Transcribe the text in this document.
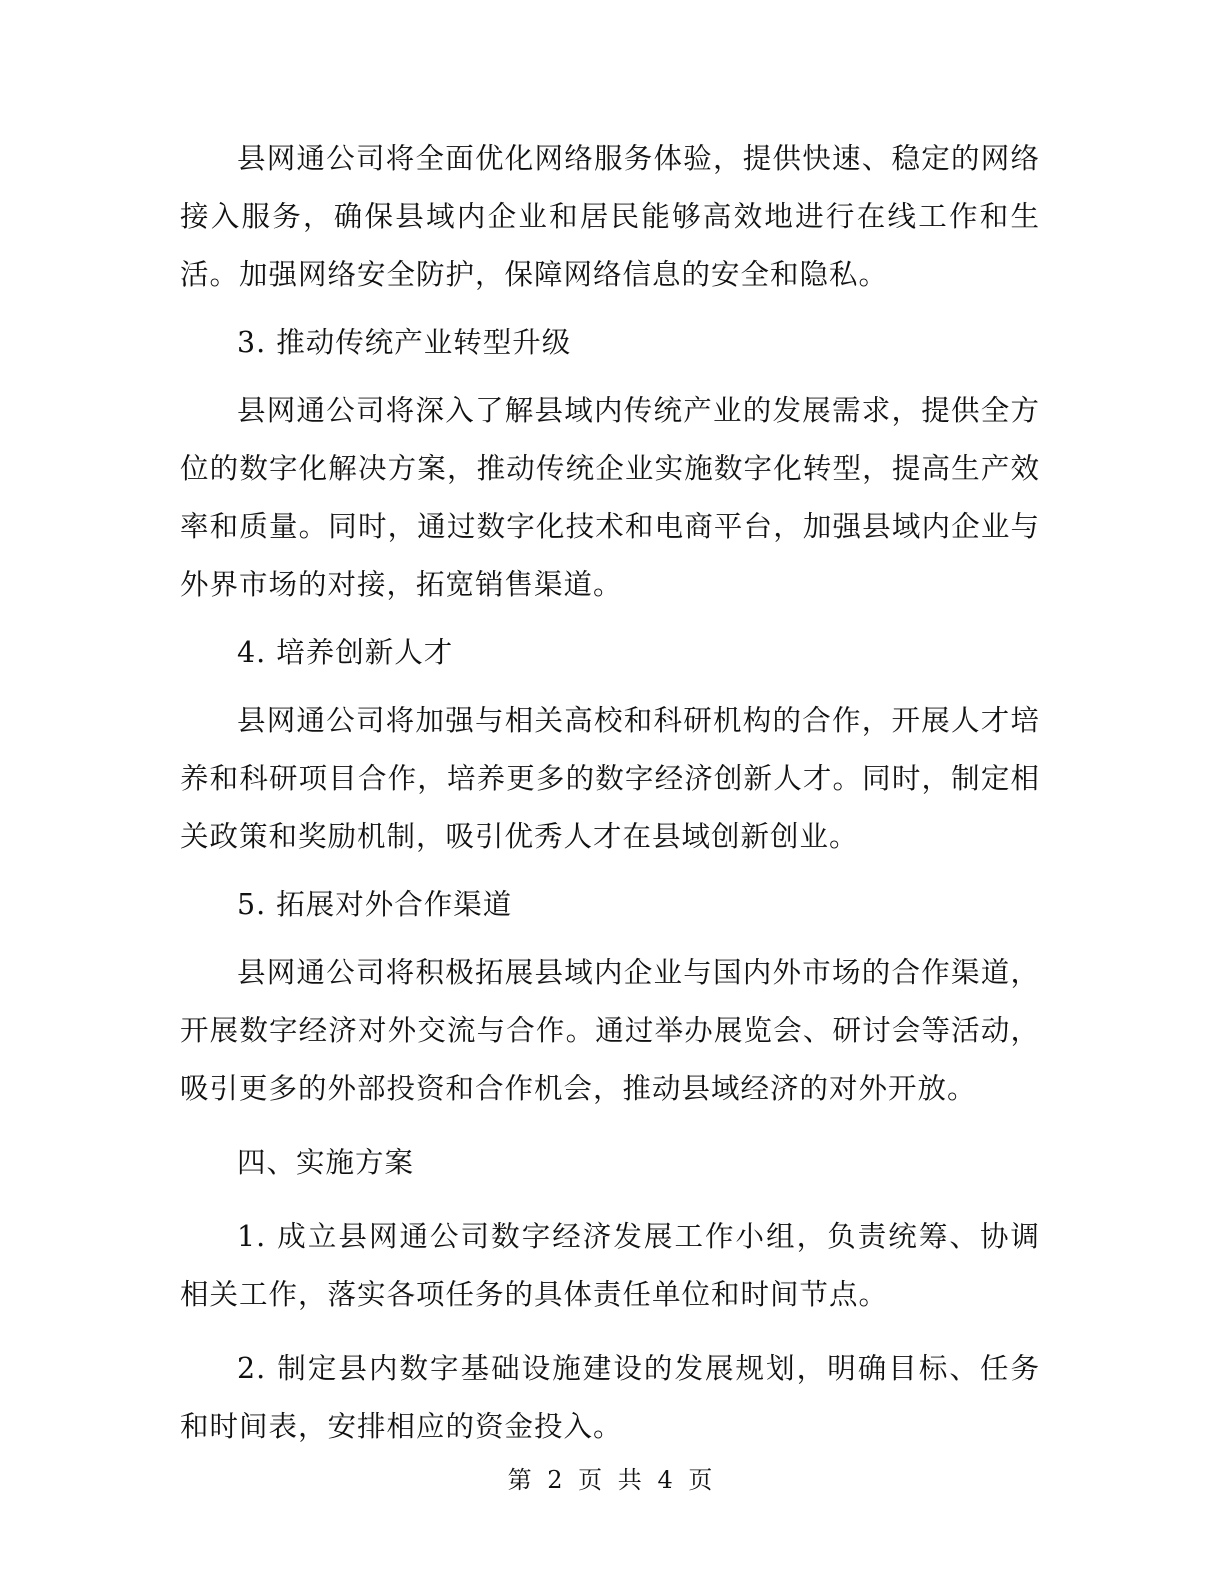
县网通公司将全面优化网络服务体验，提供快速、稳定的网络接入服务，确保县域内企业和居民能够高效地进行在线工作和生活。加强网络安全防护，保障网络信息的安全和隐私。

3. 推动传统产业转型升级

县网通公司将深入了解县域内传统产业的发展需求，提供全方位的数字化解决方案，推动传统企业实施数字化转型，提高生产效率和质量。同时，通过数字化技术和电商平台，加强县域内企业与外界市场的对接，拓宽销售渠道。

4. 培养创新人才

县网通公司将加强与相关高校和科研机构的合作，开展人才培养和科研项目合作，培养更多的数字经济创新人才。同时，制定相关政策和奖励机制，吸引优秀人才在县域创新创业。

5. 拓展对外合作渠道

县网通公司将积极拓展县域内企业与国内外市场的合作渠道，开展数字经济对外交流与合作。通过举办展览会、研讨会等活动，吸引更多的外部投资和合作机会，推动县域经济的对外开放。

四、实施方案

1. 成立县网通公司数字经济发展工作小组，负责统筹、协调相关工作，落实各项任务的具体责任单位和时间节点。

2. 制定县内数字基础设施建设的发展规划，明确目标、任务和时间表，安排相应的资金投入。

第 2 页 共 4 页
